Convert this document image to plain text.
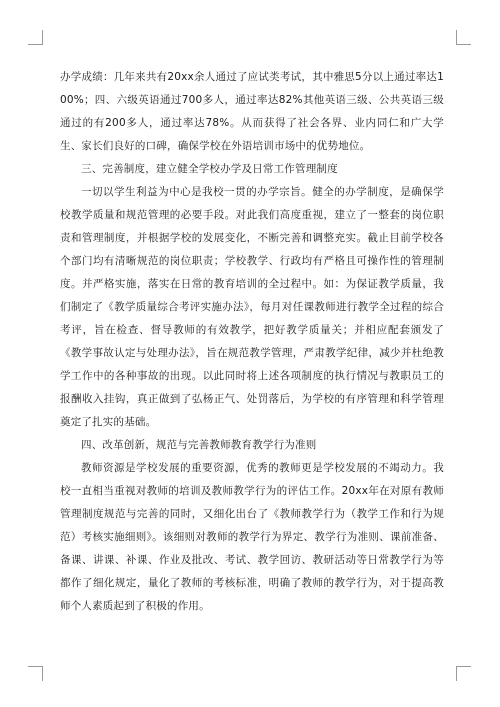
办学成绩：几年来共有20xx余人通过了应试类考试，其中雅思5分以上通过率达100%；四、六级英语通过700多人，通过率达82%其他英语三级、公共英语三级通过的有200多人，通过率达78%。从而获得了社会各界、业内同仁和广大学生、家长们良好的口碑，确保学校在外语培训市场中的优势地位。

三、完善制度，建立健全学校办学及日常工作管理制度

一切以学生利益为中心是我校一贯的办学宗旨。健全的办学制度，是确保学校教学质量和规范管理的必要手段。对此我们高度重视，建立了一整套的岗位职责和管理制度，并根据学校的发展变化，不断完善和调整充实。截止目前学校各个部门均有清晰规范的岗位职责；学校教学、行政均有严格且可操作性的管理制度。并严格实施，落实在日常的教育培训的全过程中。如：为保证教学质量，我们制定了《教学质量综合考评实施办法》，每月对任课教师进行教学全过程的综合考评，旨在检查、督导教师的有效教学，把好教学质量关；并相应配套颁发了《教学事故认定与处理办法》，旨在规范教学管理，严肃教学纪律，减少并杜绝教学工作中的各种事故的出现。以此同时将上述各项制度的执行情况与教职员工的报酬收入挂钩，真正做到了弘杨正气、处罚落后，为学校的有序管理和科学管理奠定了扎实的基础。

四、改革创新，规范与完善教师教育教学行为准则

教师资源是学校发展的重要资源，优秀的教师更是学校发展的不竭动力。我校一直相当重视对教师的培训及教师教学行为的评估工作。20xx年在对原有教师管理制度规范与完善的同时，又细化出台了《教师教学行为（教学工作和行为规范）考核实施细则》。该细则对教师的教学行为界定、教学行为准则、课前准备、备课、讲课、补课、作业及批改、考试、教学回访、教研活动等日常教学行为等都作了细化规定，量化了教师的考核标准，明确了教师的教学行为，对于提高教师个人素质起到了积极的作用。
